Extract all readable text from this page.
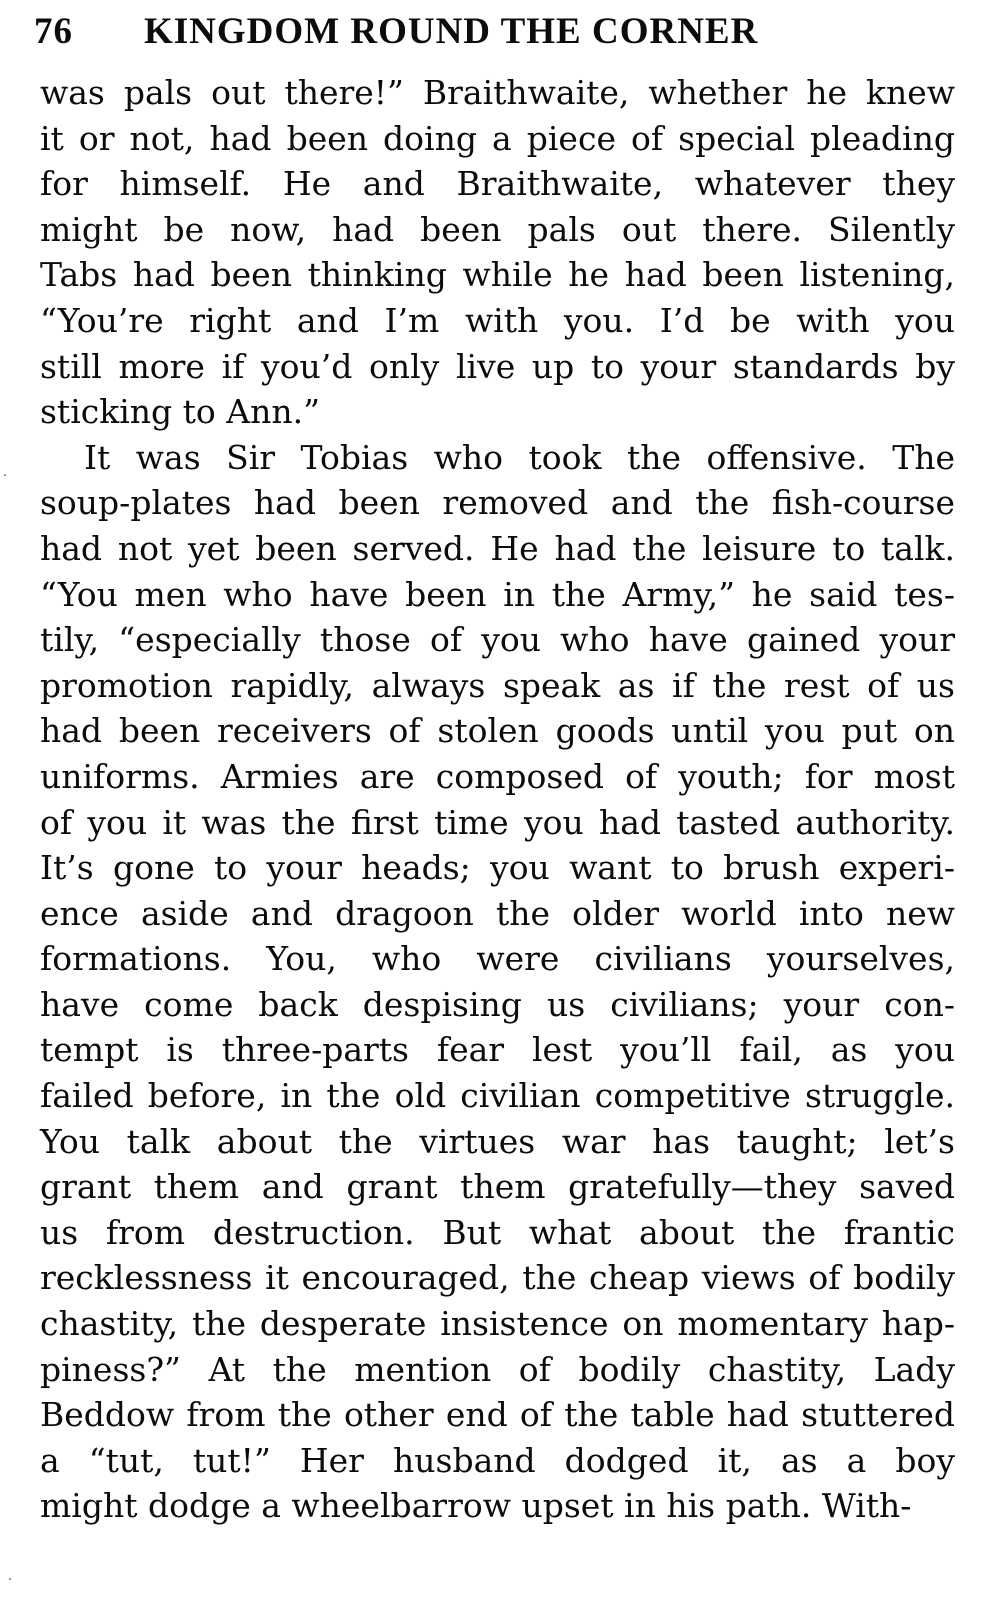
76 KINGDOM ROUND THE CORNER
was pals out there!” Braithwaite, whether he knew
it or not, had been doing a piece of special pleading
for himself. He and Braithwaite, whatever they
might be now, had been pals out there. Silently
Tabs had been thinking while he had been listening,
“You’re right and I’m with you. I’d be with you
still more if you’d only live up to your standards by
sticking to Ann.”
It was Sir Tobias who took the offensive. The
soup-plates had been removed and the fish-course
had not yet been served. He had the leisure to talk.
“You men who have been in the Army,” he said tes-
tily, “especially those of you who have gained your
promotion rapidly, always speak as if the rest of us
had been receivers of stolen goods until you put on
uniforms. Armies are composed of youth; for most
of you it was the first time you had tasted authority.
It’s gone to your heads; you want to brush experi-
ence aside and dragoon the older world into new
formations. You, who were civilians yourselves,
have come back despising us civilians; your con-
tempt is three-parts fear lest you’ll fail, as you
failed before, in the old civilian competitive struggle.
You talk about the virtues war has taught; let’s
grant them and grant them gratefully—they saved
us from destruction. But what about the frantic
recklessness it encouraged, the cheap views of bodily
chastity, the desperate insistence on momentary hap-
piness?” At the mention of bodily chastity, Lady
Beddow from the other end of the table had stuttered
a “tut, tut!” Her husband dodged it, as a boy
might dodge a wheelbarrow upset in his path. With-
